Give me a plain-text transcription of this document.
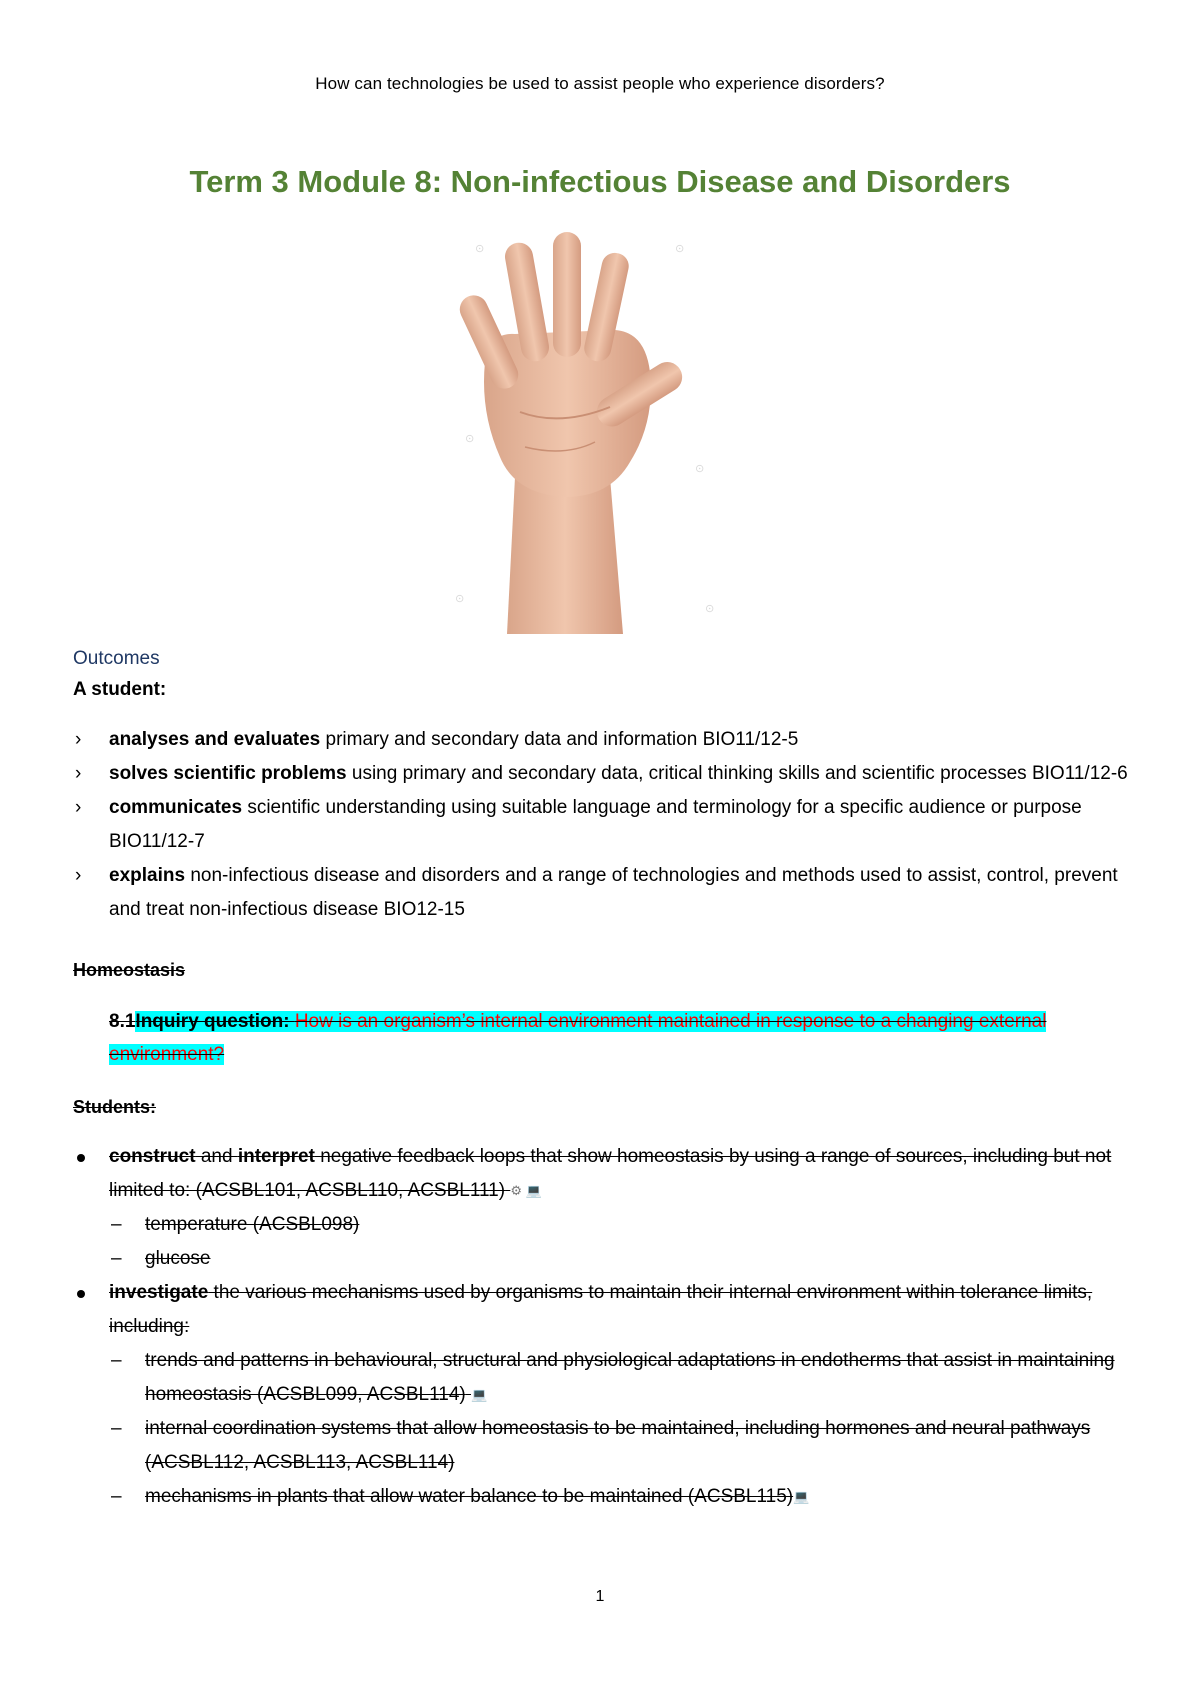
How can technologies be used to assist people who experience disorders?
Term 3 Module 8: Non-infectious Disease and Disorders
⊙	⊙
⊙
⊙
⊙
⊙
Outcomes
A student:
› analyses and evaluates primary and secondary data and information BIO11/12-5
› solves scientific problems using primary and secondary data, critical thinking skills and scientific processes BIO11/12-6
› communicates scientific understanding using suitable language and terminology for a specific audience or purpose BIO11/12-7
› explains non-infectious disease and disorders and a range of technologies and methods used to assist, control, prevent and treat non-infectious disease BIO12-15
Homeostasis
8.1Inquiry question: How is an organism’s internal environment maintained in response to a changing external environment?
Students:
construct and interpret negative feedback loops that show homeostasis by using a range of sources, including but not limited to: (ACSBL101, ACSBL110, ACSBL111) ⚙ 💻
– temperature (ACSBL098)
– glucose
investigate the various mechanisms used by organisms to maintain their internal environment within tolerance limits, including:
– trends and patterns in behavioural, structural and physiological adaptations in endotherms that assist in maintaining homeostasis (ACSBL099, ACSBL114) 💻
– internal coordination systems that allow homeostasis to be maintained, including hormones and neural pathways (ACSBL112, ACSBL113, ACSBL114)
– mechanisms in plants that allow water balance to be maintained (ACSBL115)💻
1
